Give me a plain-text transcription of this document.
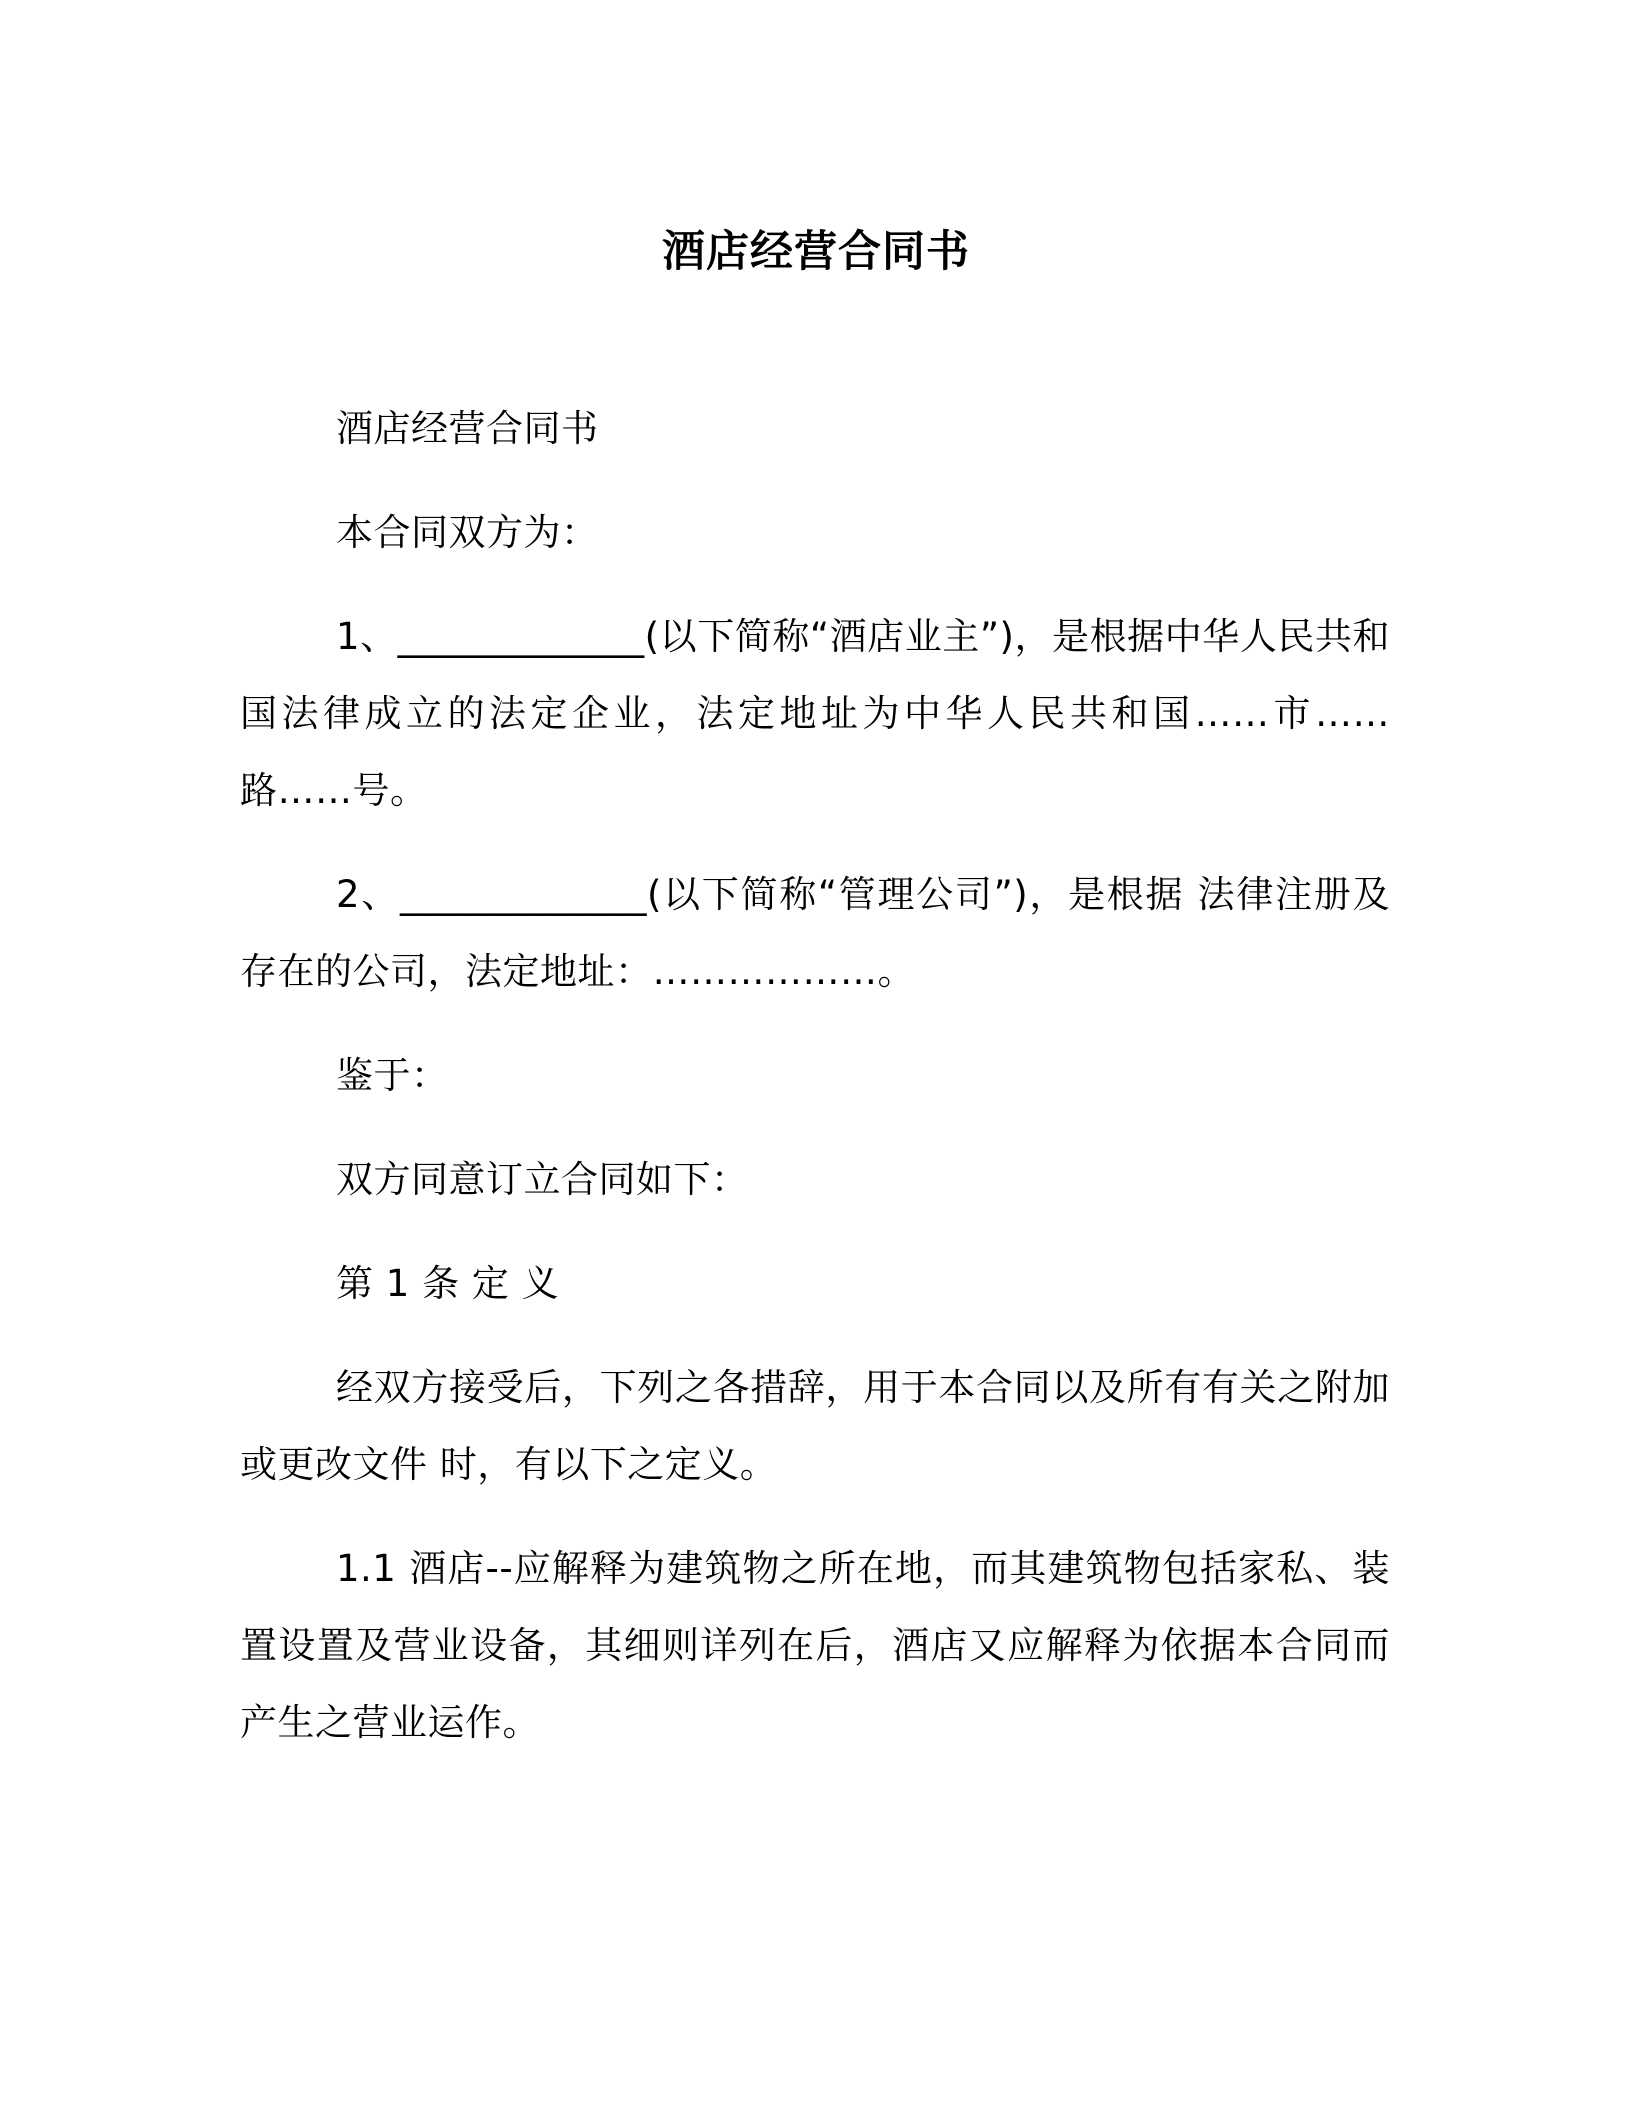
酒店经营合同书

酒店经营合同书

本合同双方为：

1、_____________(以下简称“酒店业主”)，是根据中华人民共和国法律成立的法定企业，法定地址为中华人民共和国……市……路……号。

2、_____________(以下简称“管理公司”)，是根据 法律注册及存在的公司，法定地址：………………。

鉴于：

双方同意订立合同如下：

第 1 条 定 义

经双方接受后，下列之各措辞，用于本合同以及所有有关之附加或更改文件 时，有以下之定义。

1.1 酒店--应解释为建筑物之所在地，而其建筑物包括家私、装置设置及营业设备，其细则详列在后，酒店又应解释为依据本合同而产生之营业运作。
